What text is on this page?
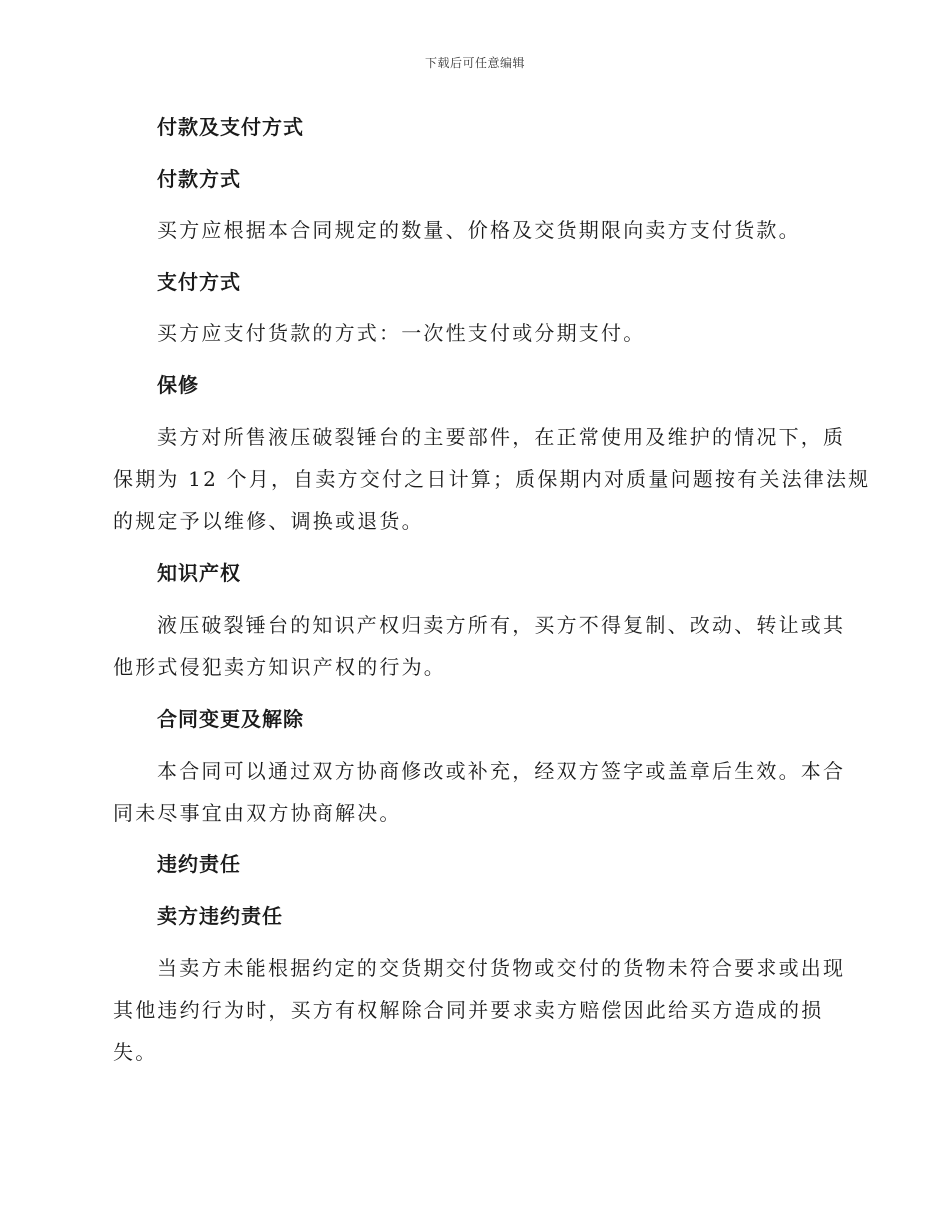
下载后可任意编辑
付款及支付方式
付款方式
买方应根据本合同规定的数量、价格及交货期限向卖方支付货款。
支付方式
买方应支付货款的方式：一次性支付或分期支付。
保修
卖方对所售液压破裂锤台的主要部件，在正常使用及维护的情况下，质
保期为 12 个月，自卖方交付之日计算；质保期内对质量问题按有关法律法规
的规定予以维修、调换或退货。
知识产权
液压破裂锤台的知识产权归卖方所有，买方不得复制、改动、转让或其
他形式侵犯卖方知识产权的行为。
合同变更及解除
本合同可以通过双方协商修改或补充，经双方签字或盖章后生效。本合
同未尽事宜由双方协商解决。
违约责任
卖方违约责任
当卖方未能根据约定的交货期交付货物或交付的货物未符合要求或出现
其他违约行为时，买方有权解除合同并要求卖方赔偿因此给买方造成的损
失。
